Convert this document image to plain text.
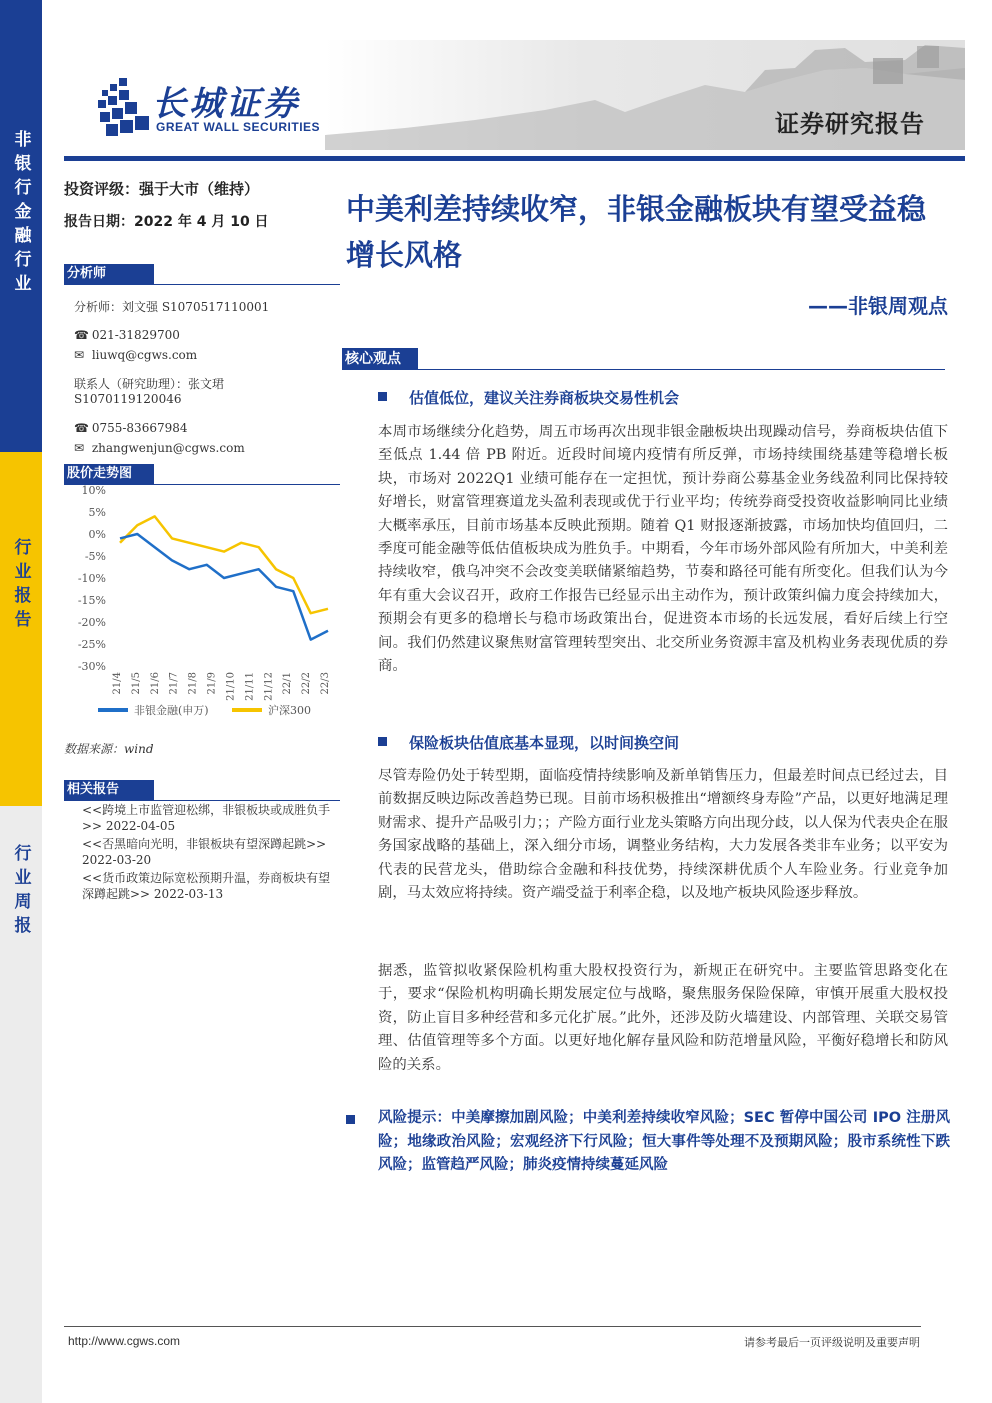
非银行金融行业
行业报告
行业周报
长城证券
GREAT WALL SECURITIES	证券研究报告
投资评级：强于大市（维持）
报告日期：2022 年 4 月 10 日
分析师
分析师：刘文强 S1070517110001
☎ 021-31829700
✉ liuwq@cgws.com
联系人（研究助理）：张文珺
S1070119120046
☎ 0755-83667984
✉ zhangwenjun@cgws.com
股价走势图
10%
5%
0%
-5%
-10%
-15%
-20%
-25%
-30%
21/4 21/5 21/6 21/7 21/8 21/9 21/10 21/11 21/12 22/1 22/2 22/3
非银金融(申万)	沪深300
数据来源：wind
相关报告
<<跨境上市监管迎松绑，非银板块或成胜负手>> 2022-04-05
<<否黑暗向光明，非银板块有望深蹲起跳>> 2022-03-20
<<货币政策边际宽松预期升温，券商板块有望深蹲起跳>> 2022-03-13
中美利差持续收窄，非银金融板块有望受益稳增长风格
——非银周观点
核心观点
估值低位，建议关注券商板块交易性机会
本周市场继续分化趋势，周五市场再次出现非银金融板块出现躁动信号，券商板块估值下至低点 1.44 倍 PB 附近。近段时间境内疫情有所反弹，市场持续围绕基建等稳增长板块，市场对 2022Q1 业绩可能存在一定担忧，预计券商公募基金业务线盈利同比保持较好增长，财富管理赛道龙头盈利表现或优于行业平均；传统券商受投资收益影响同比业绩大概率承压，目前市场基本反映此预期。随着 Q1 财报逐渐披露，市场加快均值回归，二季度可能金融等低估值板块成为胜负手。中期看，今年市场外部风险有所加大，中美利差持续收窄，俄乌冲突不会改变美联储紧缩趋势，节奏和路径可能有所变化。但我们认为今年有重大会议召开，政府工作报告已经显示出主动作为，预计政策纠偏力度会持续加大，预期会有更多的稳增长与稳市场政策出台，促进资本市场的长远发展，看好后续上行空间。我们仍然建议聚焦财富管理转型突出、北交所业务资源丰富及机构业务表现优质的券商。
保险板块估值底基本显现，以时间换空间
尽管寿险仍处于转型期，面临疫情持续影响及新单销售压力，但最差时间点已经过去，目前数据反映边际改善趋势已现。目前市场积极推出“增额终身寿险”产品，以更好地满足理财需求、提升产品吸引力；；产险方面行业龙头策略方向出现分歧，以人保为代表央企在服务国家战略的基础上，深入细分市场，调整业务结构，大力发展各类非车业务；以平安为代表的民营龙头，借助综合金融和科技优势，持续深耕优质个人车险业务。行业竞争加剧，马太效应将持续。资产端受益于利率企稳，以及地产板块风险逐步释放。
据悉，监管拟收紧保险机构重大股权投资行为，新规正在研究中。主要监管思路变化在于，要求“保险机构明确长期发展定位与战略，聚焦服务保险保障，审慎开展重大股权投资，防止盲目多种经营和多元化扩展。”此外，还涉及防火墙建设、内部管理、关联交易管理、估值管理等多个方面。以更好地化解存量风险和防范增量风险，平衡好稳增长和防风险的关系。
风险提示：中美摩擦加剧风险；中美利差持续收窄风险；SEC 暂停中国公司 IPO 注册风险；地缘政治风险；宏观经济下行风险；恒大事件等处理不及预期风险；股市系统性下跌风险；监管趋严风险；肺炎疫情持续蔓延风险
http://www.cgws.com	请参考最后一页评级说明及重要声明
